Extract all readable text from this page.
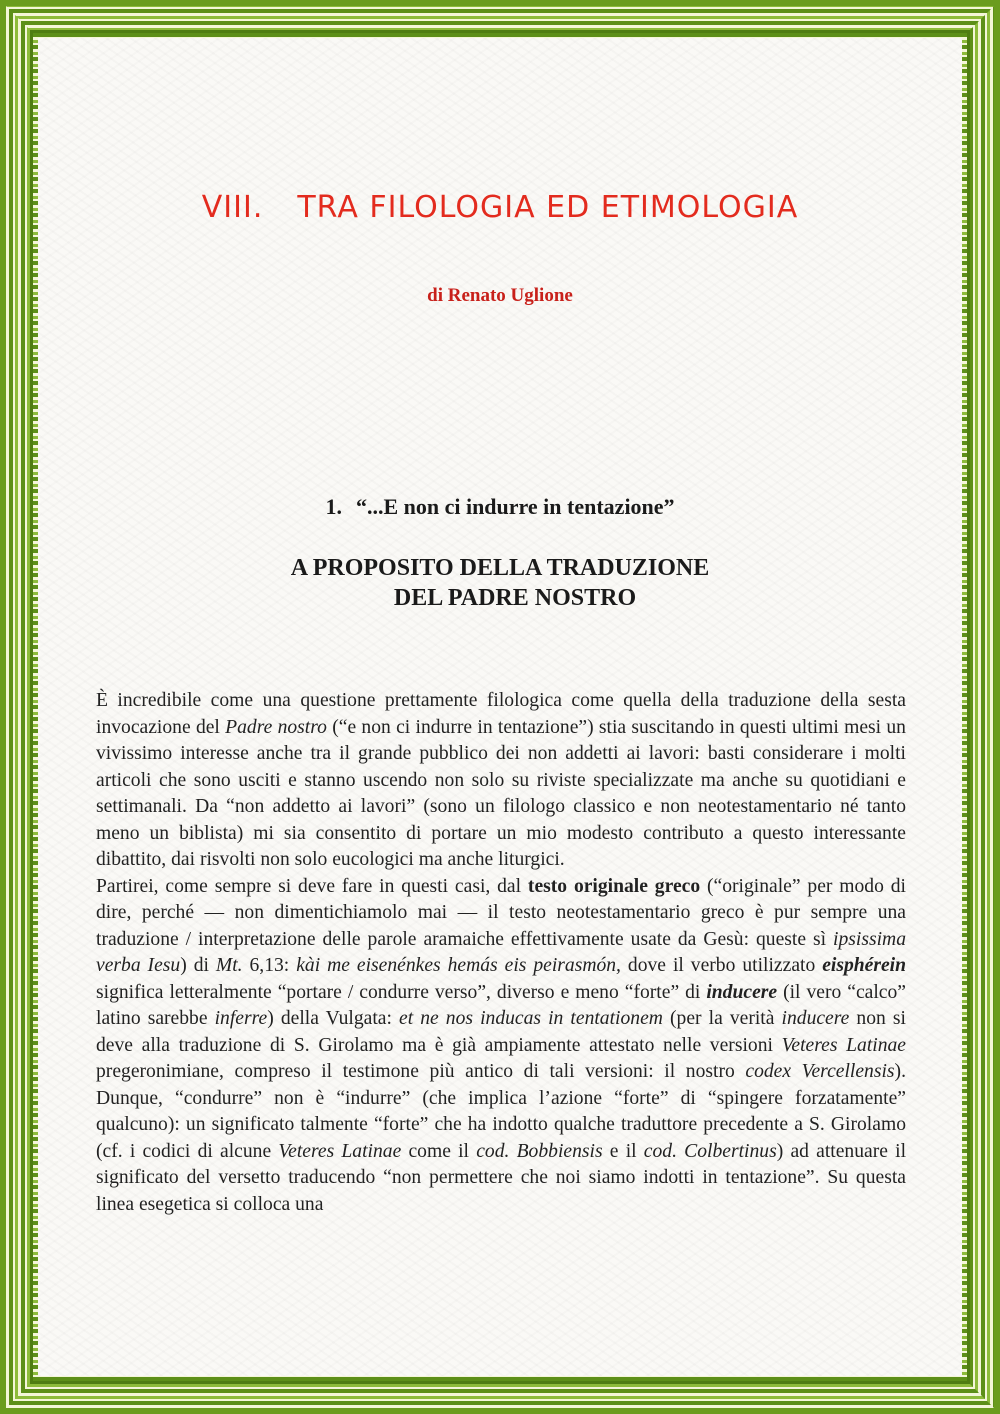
VIII. TRA FILOLOGIA ED ETIMOLOGIA
di Renato Uglione
1. “...E non ci indurre in tentazione”
A PROPOSITO DELLA TRADUZIONE
DEL PADRE NOSTRO

È incredibile come una questione prettamente filologica come quella della traduzione della sesta invocazione del Padre nostro (“e non ci indurre in tentazione”) stia suscitando in questi ultimi mesi un vivissimo interesse anche tra il grande pubblico dei non addetti ai lavori: basti considerare i molti articoli che sono usciti e stanno uscendo non solo su riviste specializzate ma anche su quotidiani e settimanali. Da “non addetto ai lavori” (sono un filologo classico e non neotestamentario né tanto meno un biblista) mi sia consentito di portare un mio modesto contributo a questo interessante dibattito, dai risvolti non solo eucologici ma anche liturgici.

Partirei, come sempre si deve fare in questi casi, dal testo originale greco (“originale” per modo di dire, perché — non dimentichiamolo mai — il testo neotestamentario greco è pur sempre una traduzione / interpretazione delle parole aramaiche effettivamente usate da Gesù: queste sì ipsissima verba Iesu) di Mt. 6,13: kài me eisenénkes hemás eis peirasmón, dove il verbo utilizzato eisphérein significa letteralmente “portare / condurre verso”, diverso e meno “forte” di inducere (il vero “calco” latino sarebbe inferre) della Vulgata: et ne nos inducas in tentationem (per la verità inducere non si deve alla traduzione di S. Girolamo ma è già ampiamente attestato nelle versioni Veteres Latinae pregeronimiane, compreso il testimone più antico di tali versioni: il nostro codex Vercellensis). Dunque, “condurre” non è “indurre” (che implica l’azione “forte” di “spingere forzatamente” qualcuno): un significato talmente “forte” che ha indotto qualche traduttore precedente a S. Girolamo (cf. i codici di alcune Veteres Latinae come il cod. Bobbiensis e il cod. Colbertinus) ad attenuare il significato del versetto traducendo “non permettere che noi siamo indotti in tentazione”. Su questa linea esegetica si colloca una
